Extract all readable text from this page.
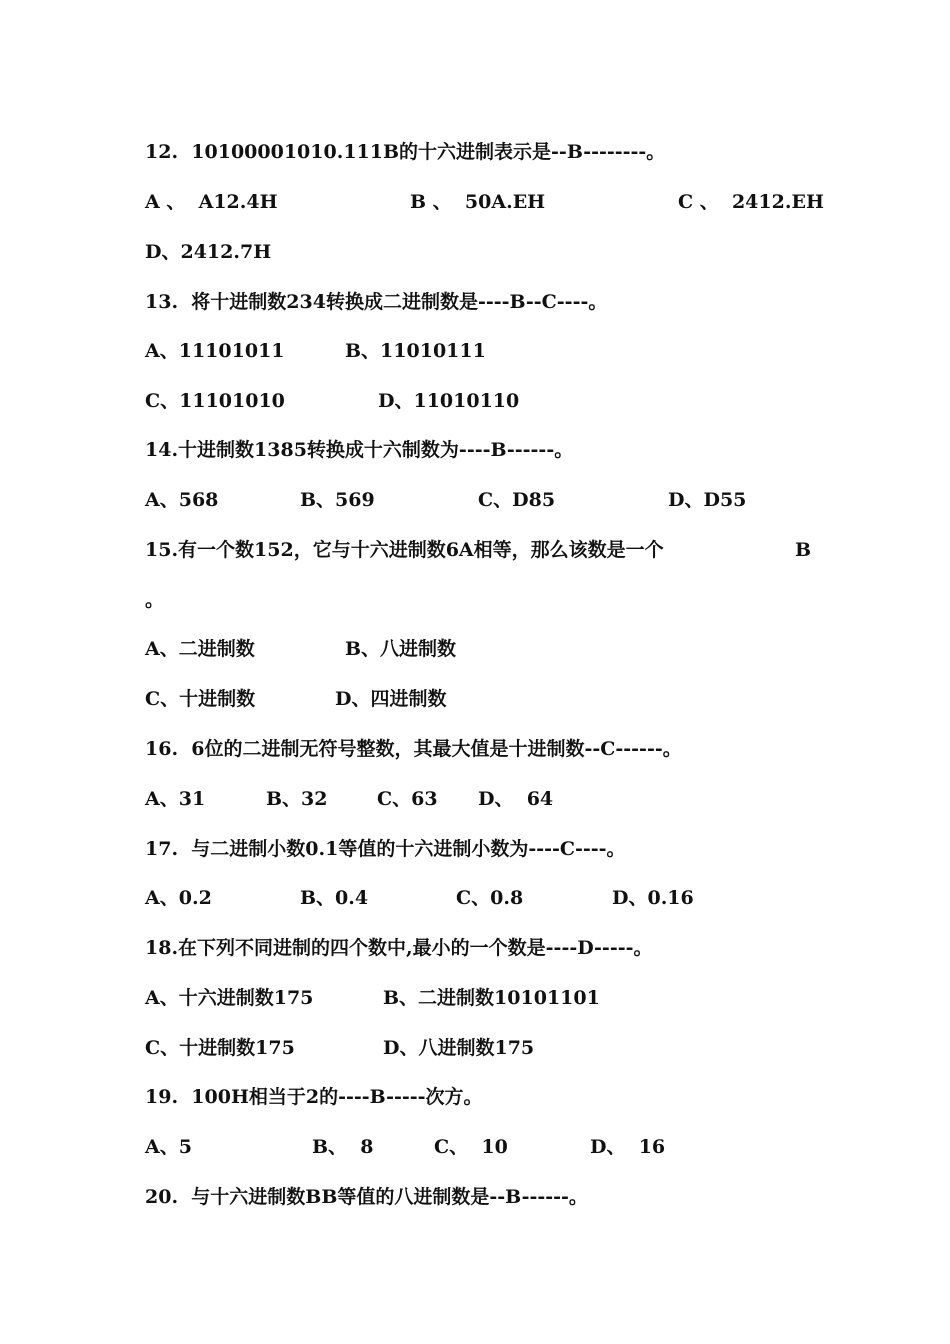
12.  10100001010.111B的十六进制表示是--B--------。
A 、  A12.4H	B 、  50A.EH	C 、  2412.EH
D、2412.7H
13.  将十进制数234转换成二进制数是----B--C----。
A、11101011	B、11010111
C、11101010	D、11010110
14.十进制数1385转换成十六制数为----B------。
A、568	B、569	C、D85	D、D55
15.有一个数152，它与十六进制数6A相等，那么该数是一个	B
。
A、二进制数	B、八进制数
C、十进制数	D、四进制数
16.  6位的二进制无符号整数，其最大值是十进制数--C------。
A、31	B、32	C、63 D、  64
17.  与二进制小数0.1等值的十六进制小数为----C----。
A、0.2	B、0.4	C、0.8	D、0.16
18.在下列不同进制的四个数中,最小的一个数是----D-----。
A、十六进制数175	B、二进制数10101101
C、十进制数175	D、八进制数175
19.  100H相当于2的----B-----次方。
A、5	B、  8	C、  10	D、  16
20.  与十六进制数BB等值的八进制数是--B------。
